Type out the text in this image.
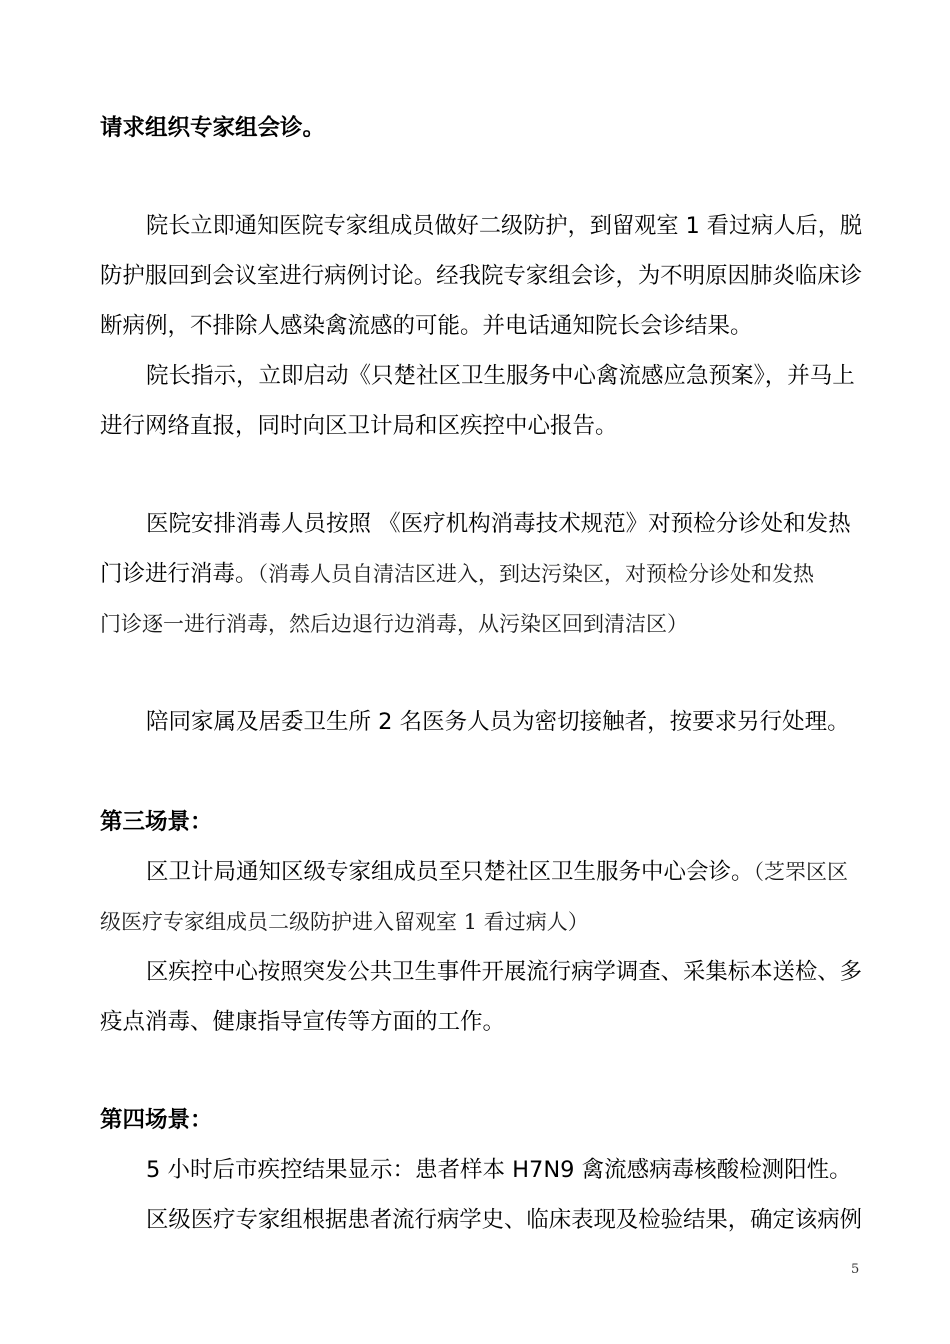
请求组织专家组会诊。
院长立即通知医院专家组成员做好二级防护，到留观室 1 看过病人后，脱
防护服回到会议室进行病例讨论。经我院专家组会诊，为不明原因肺炎临床诊
断病例，不排除人感染禽流感的可能。并电话通知院长会诊结果。
院长指示，立即启动《只楚社区卫生服务中心禽流感应急预案》，并马上
进行网络直报，同时向区卫计局和区疾控中心报告。
医院安排消毒人员按照 《医疗机构消毒技术规范》对预检分诊处和发热
门诊进行消毒。（消毒人员自清洁区进入，到达污染区，对预检分诊处和发热
门诊逐一进行消毒，然后边退行边消毒，从污染区回到清洁区）
陪同家属及居委卫生所 2 名医务人员为密切接触者，按要求另行处理。
第三场景：
区卫计局通知区级专家组成员至只楚社区卫生服务中心会诊。（芝罘区区
级医疗专家组成员二级防护进入留观室 1 看过病人）
区疾控中心按照突发公共卫生事件开展流行病学调查、采集标本送检、多
疫点消毒、健康指导宣传等方面的工作。
第四场景：
5 小时后市疾控结果显示：患者样本 H7N9 禽流感病毒核酸检测阳性。
区级医疗专家组根据患者流行病学史、临床表现及检验结果，确定该病例
5
